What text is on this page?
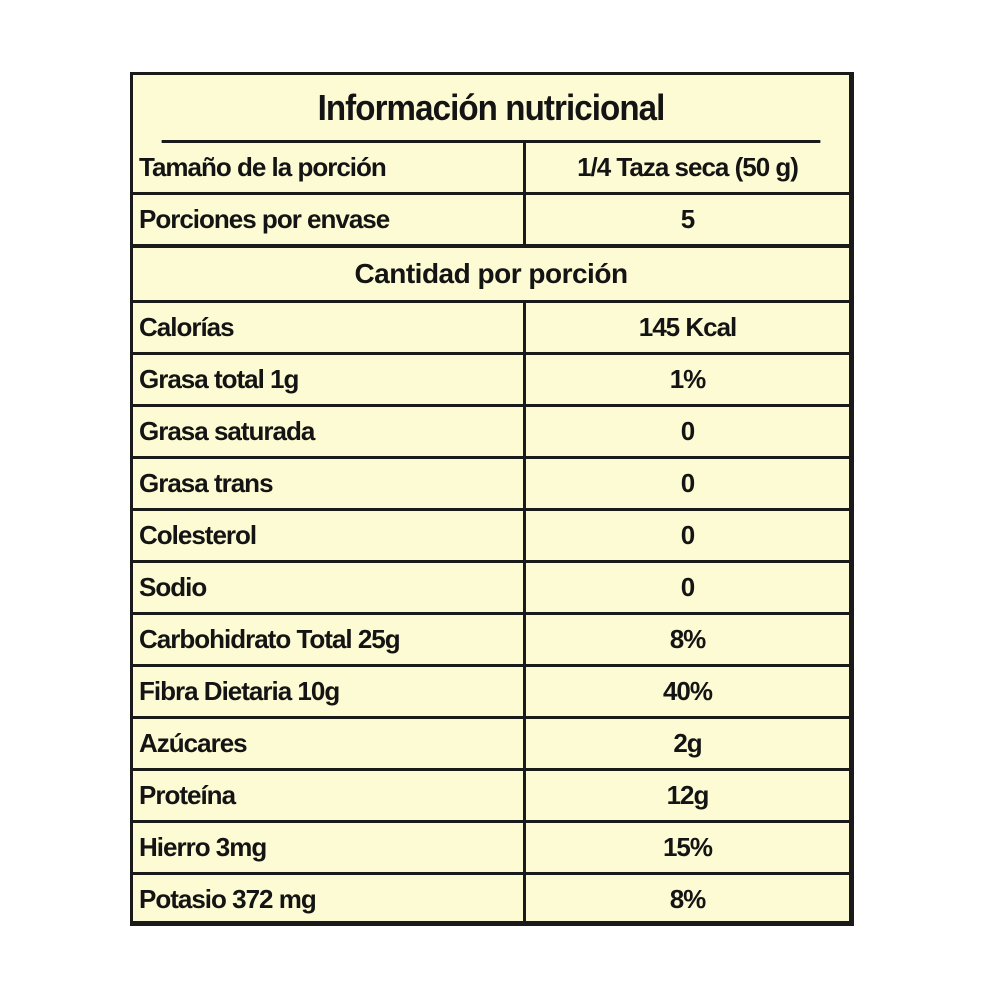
Información nutricional
Tamaño de la porción	1/4 Taza seca (50 g)
Porciones por envase	5
Cantidad por porción
Calorías	145 Kcal
Grasa total 1g	1%
Grasa saturada	0
Grasa trans	0
Colesterol	0
Sodio	0
Carbohidrato Total 25g	8%
Fibra Dietaria 10g	40%
Azúcares	2g
Proteína	12g
Hierro 3mg	15%
Potasio 372 mg	8%
